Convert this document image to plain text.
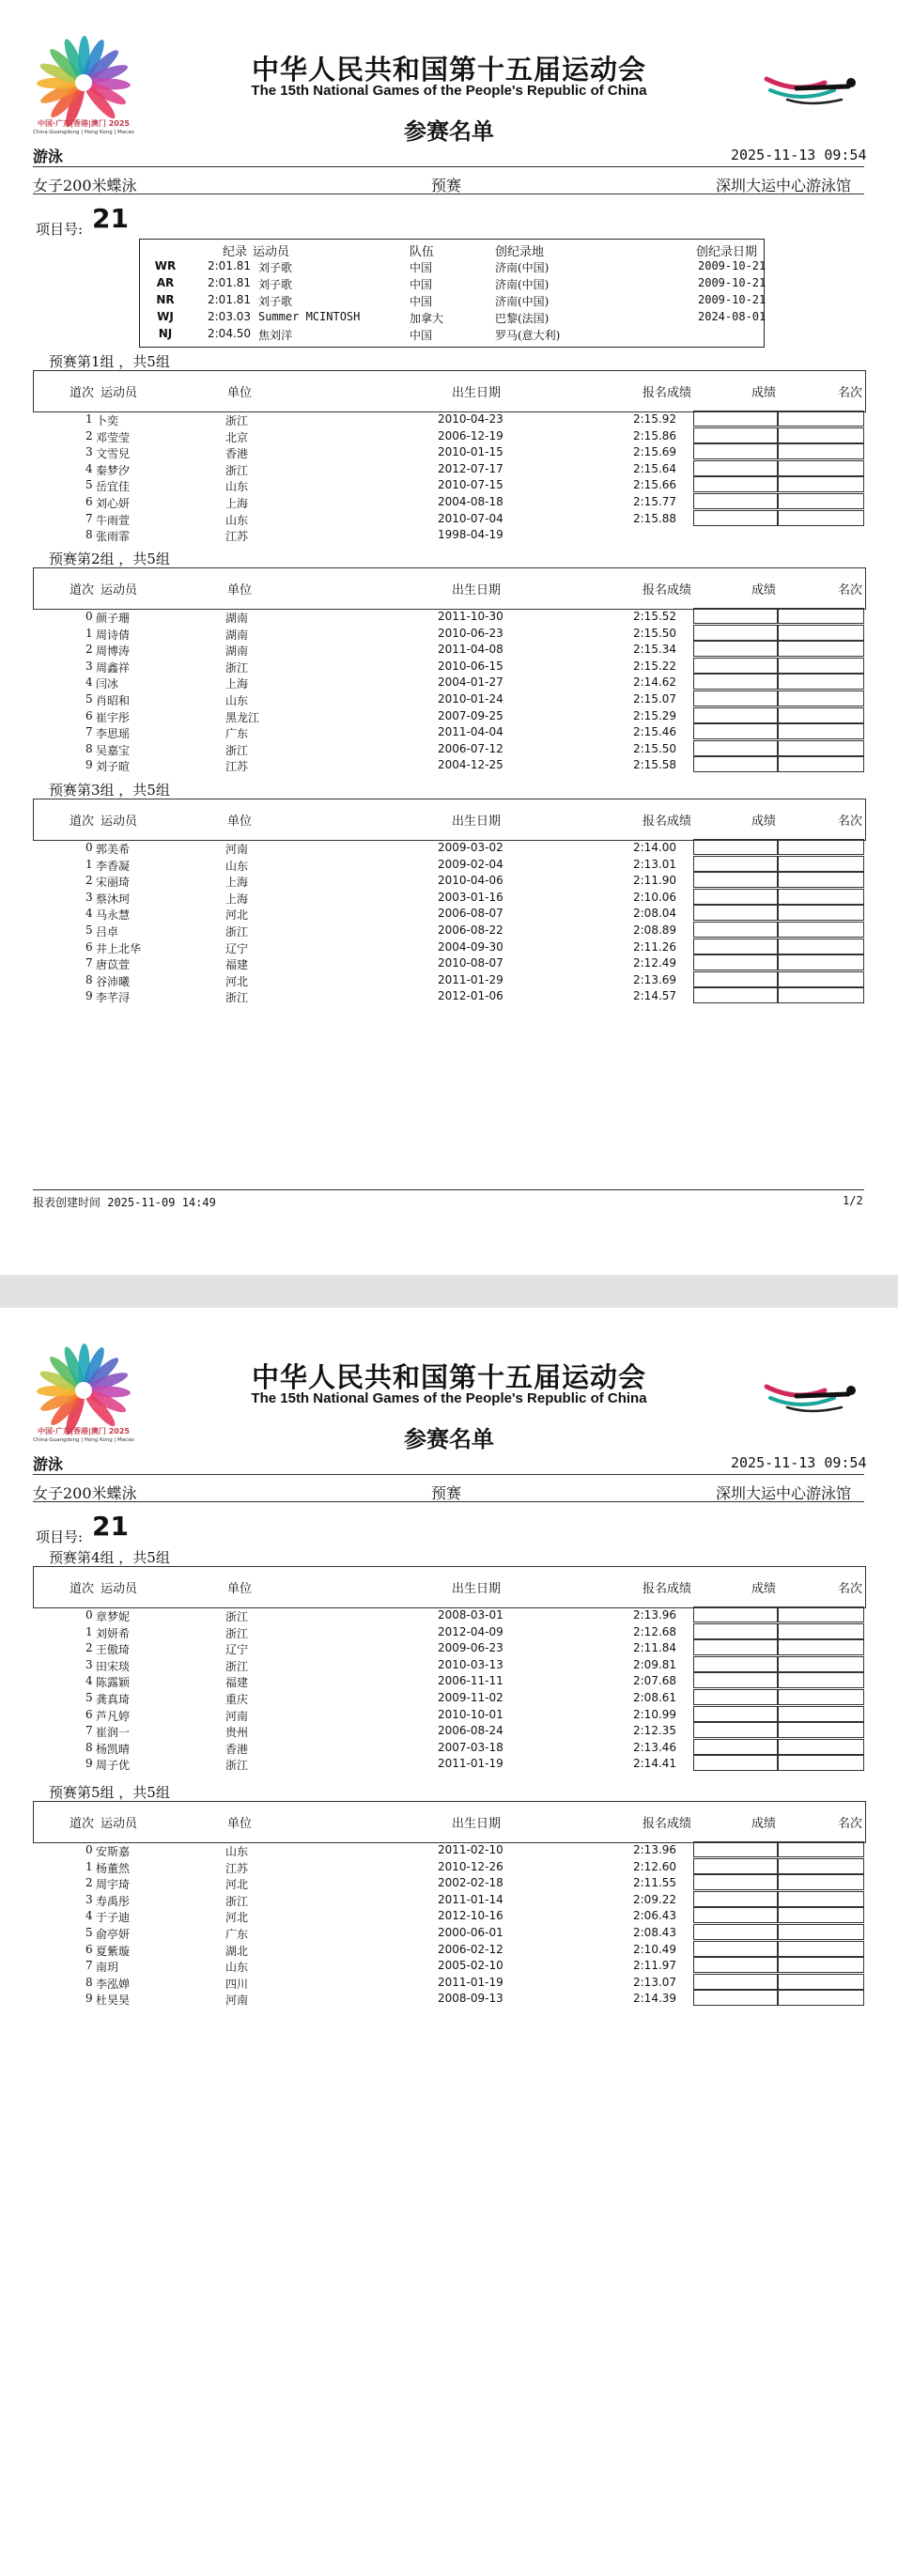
中国·广东|香港|澳门 2025
China·Guangdong | Hong Kong | Macao
中华人民共和国第十五届运动会
The 15th National Games of the People's Republic of China
参赛名单
游泳	2025-11-13 09:54
女子200米蝶泳	预赛	深圳大运中心游泳馆
项目号: 21
纪录 运动员	队伍	创纪录地	创纪录日期
WR	2:01.81 刘子歌	中国	济南(中国)	2009-10-21
AR	2:01.81 刘子歌	中国	济南(中国)	2009-10-21
NR	2:01.81 刘子歌	中国	济南(中国)	2009-10-21
WJ	2:03.03 Summer MCINTOSH	加拿大	巴黎(法国)	2024-08-01
NJ	2:04.50 焦刘洋	中国	罗马(意大利)
预赛第1组 ，共5组
道次 运动员	单位	出生日期	报名成绩	成绩	名次
1 卜奕	浙江	2010-04-23	2:15.92
2 邓莹莹	北京	2006-12-19	2:15.86
3 文雪兒	香港	2010-01-15	2:15.69
4 秦梦汐	浙江	2012-07-17	2:15.64
5 岳宜佳	山东	2010-07-15	2:15.66
6 刘心妍	上海	2004-08-18	2:15.77
7 牛雨萱	山东	2010-07-04	2:15.88
8 张雨霏	江苏	1998-04-19
预赛第2组 ，共5组
道次 运动员	单位	出生日期	报名成绩	成绩	名次
0 颜子珊	湖南	2011-10-30	2:15.52
1 周诗倩	湖南	2010-06-23	2:15.50
2 周博涛	湖南	2011-04-08	2:15.34
3 周鑫祥	浙江	2010-06-15	2:15.22
4 闫冰	上海	2004-01-27	2:14.62
5 肖昭和	山东	2010-01-24	2:15.07
6 崔宇彤	黑龙江	2007-09-25	2:15.29
7 李思瑶	广东	2011-04-04	2:15.46
8 吴嘉宝	浙江	2006-07-12	2:15.50
9 刘子暄	江苏	2004-12-25	2:15.58
预赛第3组 ，共5组
道次 运动员	单位	出生日期	报名成绩	成绩	名次
0 郭美希	河南	2009-03-02	2:14.00
1 李香凝	山东	2009-02-04	2:13.01
2 宋丽琦	上海	2010-04-06	2:11.90
3 蔡沐珂	上海	2003-01-16	2:10.06
4 马永慧	河北	2006-08-07	2:08.04
5 吕卓	浙江	2006-08-22	2:08.89
6 井上北华	辽宁	2004-09-30	2:11.26
7 唐苡萱	福建	2010-08-07	2:12.49
8 谷沛曦	河北	2011-01-29	2:13.69
9 李芊浔	浙江	2012-01-06	2:14.57
报表创建时间 2025-11-09 14:49	1/2
中国·广东|香港|澳门 2025
China·Guangdong | Hong Kong | Macao
中华人民共和国第十五届运动会
The 15th National Games of the People's Republic of China
参赛名单
游泳	2025-11-13 09:54
女子200米蝶泳	预赛	深圳大运中心游泳馆
项目号: 21
预赛第4组 ，共5组
道次 运动员	单位	出生日期	报名成绩	成绩	名次
0 章梦妮	浙江	2008-03-01	2:13.96
1 刘妍希	浙江	2012-04-09	2:12.68
2 王傲琦	辽宁	2009-06-23	2:11.84
3 田宋琰	浙江	2010-03-13	2:09.81
4 陈露颖	福建	2006-11-11	2:07.68
5 龚真琦	重庆	2009-11-02	2:08.61
6 芦凡婷	河南	2010-10-01	2:10.99
7 崔润一	贵州	2006-08-24	2:12.35
8 杨凯晴	香港	2007-03-18	2:13.46
9 周子优	浙江	2011-01-19	2:14.41
预赛第5组 ，共5组
道次 运动员	单位	出生日期	报名成绩	成绩	名次
0 安斯嘉	山东	2011-02-10	2:13.96
1 杨董然	江苏	2010-12-26	2:12.60
2 周宇琦	河北	2002-02-18	2:11.55
3 寿禹彤	浙江	2011-01-14	2:09.22
4 于子迪	河北	2012-10-16	2:06.43
5 俞亭妍	广东	2000-06-01	2:08.43
6 夏紫璇	湖北	2006-02-12	2:10.49
7 南玥	山东	2005-02-10	2:11.97
8 李泓婵	四川	2011-01-19	2:13.07
9 杜昊昊	河南	2008-09-13	2:14.39
